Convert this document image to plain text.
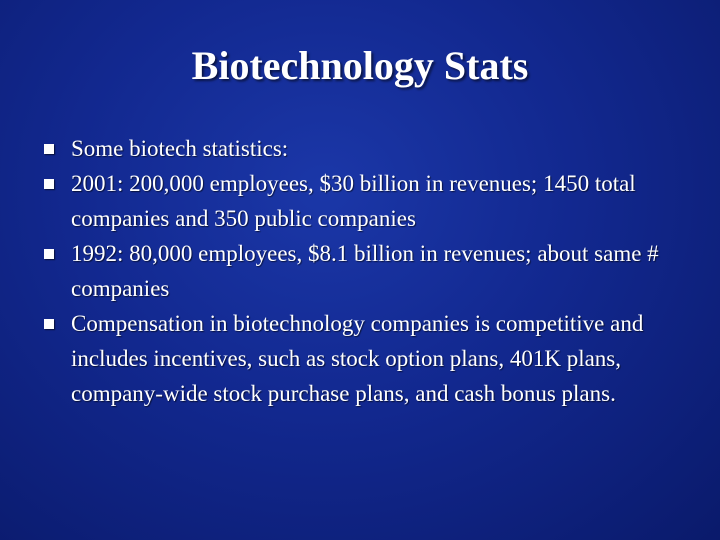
Biotechnology Stats
Some biotech statistics:
2001: 200,000 employees, $30 billion in revenues; 1450 total companies and 350 public companies
1992: 80,000 employees, $8.1 billion in revenues; about same # companies
Compensation in biotechnology companies is competitive and includes incentives, such as stock option plans, 401K plans, company-wide stock purchase plans, and cash bonus plans.
